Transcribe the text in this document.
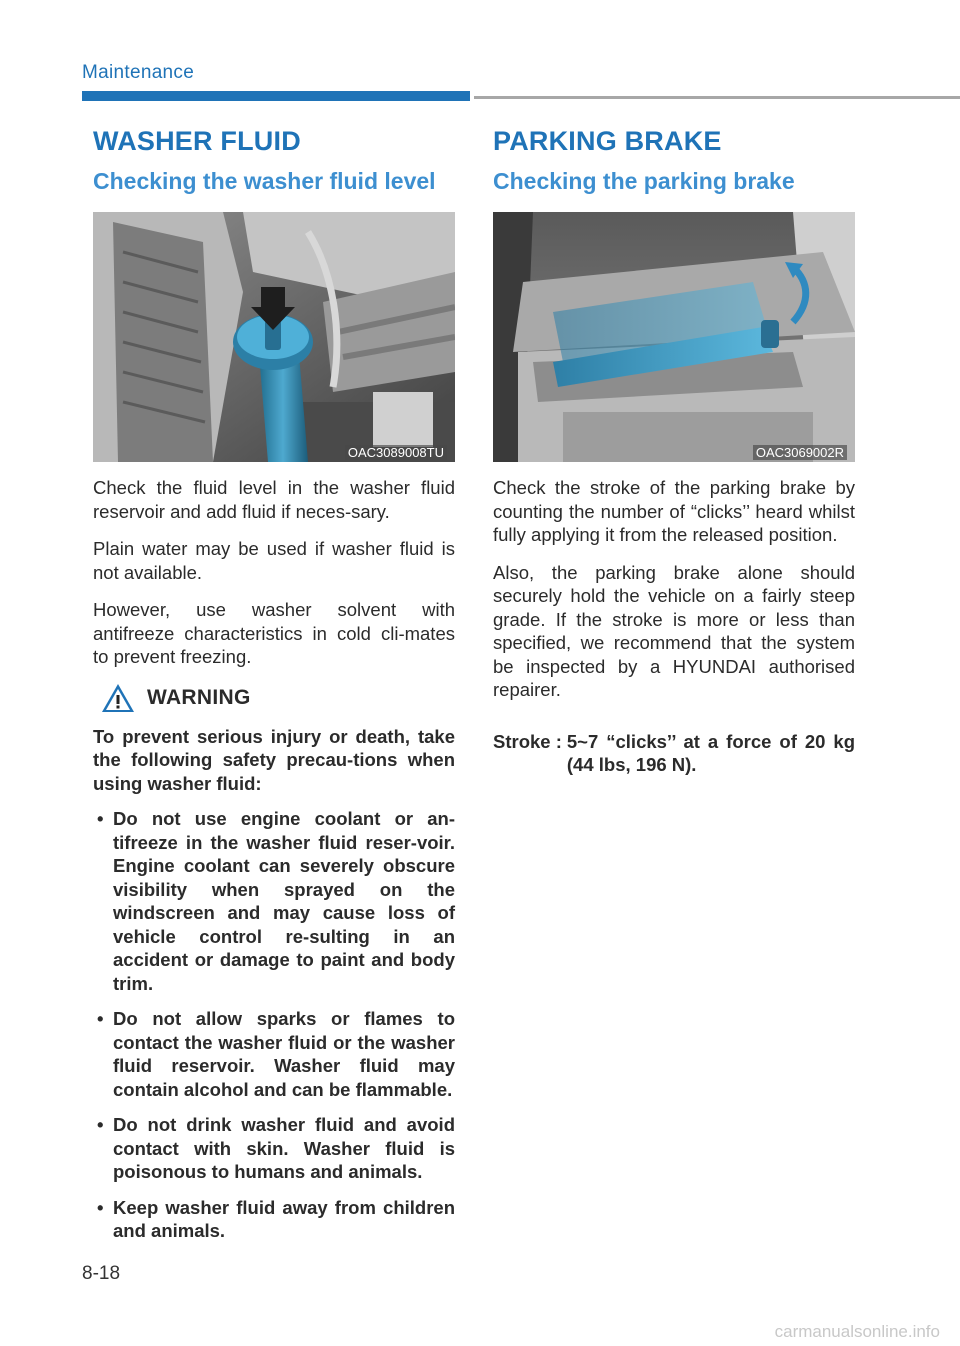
Maintenance
WASHER FLUID
Checking the washer fluid level
OAC3089008TU

Check the fluid level in the washer fluid reservoir and add fluid if neces-sary.

Plain water may be used if washer fluid is not available.

However, use washer solvent with antifreeze characteristics in cold cli-mates to prevent freezing.

WARNING

To prevent serious injury or death, take the following safety precau-tions when using washer fluid:

• Do not use engine coolant or an-tifreeze in the washer fluid reser-voir. Engine coolant can severely obscure visibility when sprayed on the windscreen and may cause loss of vehicle control re-sulting in an accident or damage to paint and body trim.
• Do not allow sparks or flames to contact the washer fluid or the washer fluid reservoir. Washer fluid may contain alcohol and can be flammable.
• Do not drink washer fluid and avoid contact with skin. Washer fluid is poisonous to humans and animals.
• Keep washer fluid away from children and animals.
PARKING BRAKE
Checking the parking brake
OAC3069002R

Check the stroke of the parking brake by counting the number of “clicks’’ heard whilst fully applying it from the released position.

Also, the parking brake alone should securely hold the vehicle on a fairly steep grade. If the stroke is more or less than specified, we recommend that the system be inspected by a HYUNDAI authorised repairer.

Stroke : 5~7 “clicks’’ at a force of 20 kg (44 lbs, 196 N).
8-18
carmanualsonline.info
